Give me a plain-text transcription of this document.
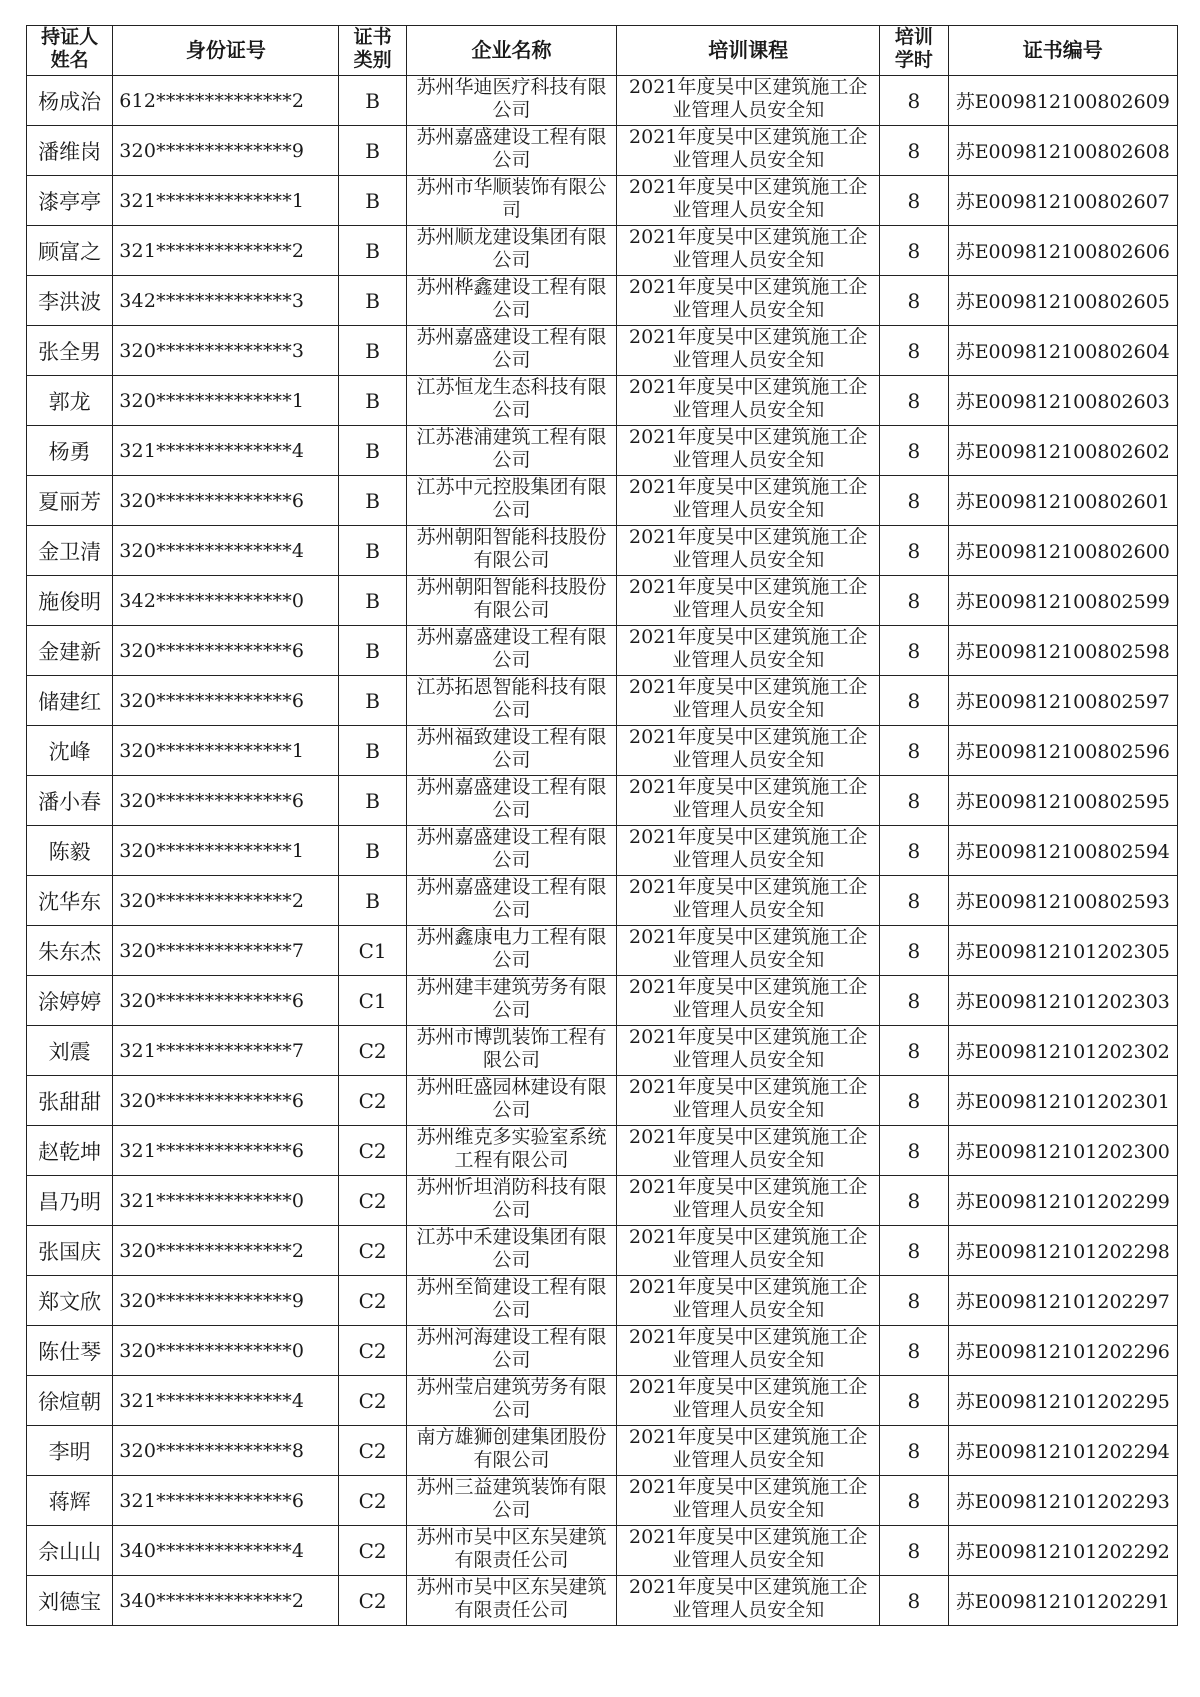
持证人姓名	身份证号	证书类别	企业名称	培训课程	培训学时	证书编号
杨成治	612**************2	B	苏州华迪医疗科技有限公司	2021年度吴中区建筑施工企业管理人员安全知	8	苏E009812100802609
潘维岗	320**************9	B	苏州嘉盛建设工程有限公司	2021年度吴中区建筑施工企业管理人员安全知	8	苏E009812100802608
漆亭亭	321**************1	B	苏州市华顺装饰有限公司	2021年度吴中区建筑施工企业管理人员安全知	8	苏E009812100802607
顾富之	321**************2	B	苏州顺龙建设集团有限公司	2021年度吴中区建筑施工企业管理人员安全知	8	苏E009812100802606
李洪波	342**************3	B	苏州桦鑫建设工程有限公司	2021年度吴中区建筑施工企业管理人员安全知	8	苏E009812100802605
张全男	320**************3	B	苏州嘉盛建设工程有限公司	2021年度吴中区建筑施工企业管理人员安全知	8	苏E009812100802604
郭龙	320**************1	B	江苏恒龙生态科技有限公司	2021年度吴中区建筑施工企业管理人员安全知	8	苏E009812100802603
杨勇	321**************4	B	江苏港浦建筑工程有限公司	2021年度吴中区建筑施工企业管理人员安全知	8	苏E009812100802602
夏丽芳	320**************6	B	江苏中元控股集团有限公司	2021年度吴中区建筑施工企业管理人员安全知	8	苏E009812100802601
金卫清	320**************4	B	苏州朝阳智能科技股份有限公司	2021年度吴中区建筑施工企业管理人员安全知	8	苏E009812100802600
施俊明	342**************0	B	苏州朝阳智能科技股份有限公司	2021年度吴中区建筑施工企业管理人员安全知	8	苏E009812100802599
金建新	320**************6	B	苏州嘉盛建设工程有限公司	2021年度吴中区建筑施工企业管理人员安全知	8	苏E009812100802598
储建红	320**************6	B	江苏拓恩智能科技有限公司	2021年度吴中区建筑施工企业管理人员安全知	8	苏E009812100802597
沈峰	320**************1	B	苏州福致建设工程有限公司	2021年度吴中区建筑施工企业管理人员安全知	8	苏E009812100802596
潘小春	320**************6	B	苏州嘉盛建设工程有限公司	2021年度吴中区建筑施工企业管理人员安全知	8	苏E009812100802595
陈毅	320**************1	B	苏州嘉盛建设工程有限公司	2021年度吴中区建筑施工企业管理人员安全知	8	苏E009812100802594
沈华东	320**************2	B	苏州嘉盛建设工程有限公司	2021年度吴中区建筑施工企业管理人员安全知	8	苏E009812100802593
朱东杰	320**************7	C1	苏州鑫康电力工程有限公司	2021年度吴中区建筑施工企业管理人员安全知	8	苏E009812101202305
涂婷婷	320**************6	C1	苏州建丰建筑劳务有限公司	2021年度吴中区建筑施工企业管理人员安全知	8	苏E009812101202303
刘震	321**************7	C2	苏州市博凯装饰工程有限公司	2021年度吴中区建筑施工企业管理人员安全知	8	苏E009812101202302
张甜甜	320**************6	C2	苏州旺盛园林建设有限公司	2021年度吴中区建筑施工企业管理人员安全知	8	苏E009812101202301
赵乾坤	321**************6	C2	苏州维克多实验室系统工程有限公司	2021年度吴中区建筑施工企业管理人员安全知	8	苏E009812101202300
昌乃明	321**************0	C2	苏州忻坦消防科技有限公司	2021年度吴中区建筑施工企业管理人员安全知	8	苏E009812101202299
张国庆	320**************2	C2	江苏中禾建设集团有限公司	2021年度吴中区建筑施工企业管理人员安全知	8	苏E009812101202298
郑文欣	320**************9	C2	苏州至简建设工程有限公司	2021年度吴中区建筑施工企业管理人员安全知	8	苏E009812101202297
陈仕琴	320**************0	C2	苏州河海建设工程有限公司	2021年度吴中区建筑施工企业管理人员安全知	8	苏E009812101202296
徐煊朝	321**************4	C2	苏州莹启建筑劳务有限公司	2021年度吴中区建筑施工企业管理人员安全知	8	苏E009812101202295
李明	320**************8	C2	南方雄狮创建集团股份有限公司	2021年度吴中区建筑施工企业管理人员安全知	8	苏E009812101202294
蒋辉	321**************6	C2	苏州三益建筑装饰有限公司	2021年度吴中区建筑施工企业管理人员安全知	8	苏E009812101202293
佘山山	340**************4	C2	苏州市吴中区东吴建筑有限责任公司	2021年度吴中区建筑施工企业管理人员安全知	8	苏E009812101202292
刘德宝	340**************2	C2	苏州市吴中区东吴建筑有限责任公司	2021年度吴中区建筑施工企业管理人员安全知	8	苏E009812101202291
